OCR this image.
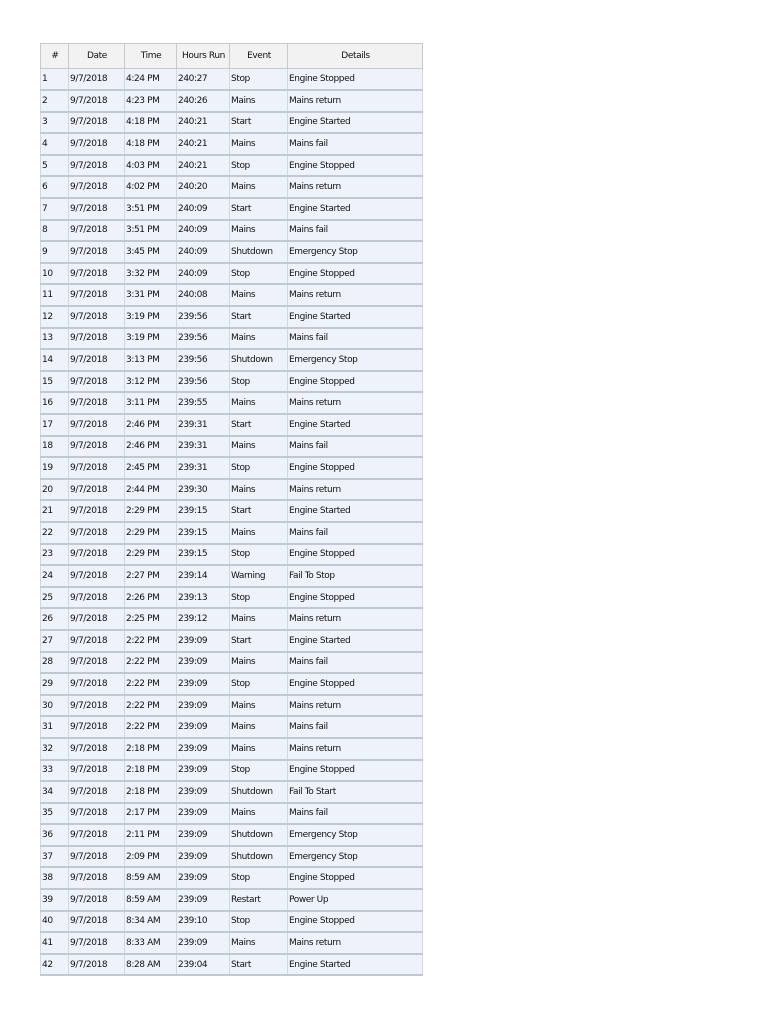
#	Date	Time	Hours Run	Event	Details
1	9/7/2018	4:24 PM	240:27	Stop	Engine Stopped
2	9/7/2018	4:23 PM	240:26	Mains	Mains return
3	9/7/2018	4:18 PM	240:21	Start	Engine Started
4	9/7/2018	4:18 PM	240:21	Mains	Mains fail
5	9/7/2018	4:03 PM	240:21	Stop	Engine Stopped
6	9/7/2018	4:02 PM	240:20	Mains	Mains return
7	9/7/2018	3:51 PM	240:09	Start	Engine Started
8	9/7/2018	3:51 PM	240:09	Mains	Mains fail
9	9/7/2018	3:45 PM	240:09	Shutdown	Emergency Stop
10	9/7/2018	3:32 PM	240:09	Stop	Engine Stopped
11	9/7/2018	3:31 PM	240:08	Mains	Mains return
12	9/7/2018	3:19 PM	239:56	Start	Engine Started
13	9/7/2018	3:19 PM	239:56	Mains	Mains fail
14	9/7/2018	3:13 PM	239:56	Shutdown	Emergency Stop
15	9/7/2018	3:12 PM	239:56	Stop	Engine Stopped
16	9/7/2018	3:11 PM	239:55	Mains	Mains return
17	9/7/2018	2:46 PM	239:31	Start	Engine Started
18	9/7/2018	2:46 PM	239:31	Mains	Mains fail
19	9/7/2018	2:45 PM	239:31	Stop	Engine Stopped
20	9/7/2018	2:44 PM	239:30	Mains	Mains return
21	9/7/2018	2:29 PM	239:15	Start	Engine Started
22	9/7/2018	2:29 PM	239:15	Mains	Mains fail
23	9/7/2018	2:29 PM	239:15	Stop	Engine Stopped
24	9/7/2018	2:27 PM	239:14	Warning	Fail To Stop
25	9/7/2018	2:26 PM	239:13	Stop	Engine Stopped
26	9/7/2018	2:25 PM	239:12	Mains	Mains return
27	9/7/2018	2:22 PM	239:09	Start	Engine Started
28	9/7/2018	2:22 PM	239:09	Mains	Mains fail
29	9/7/2018	2:22 PM	239:09	Stop	Engine Stopped
30	9/7/2018	2:22 PM	239:09	Mains	Mains return
31	9/7/2018	2:22 PM	239:09	Mains	Mains fail
32	9/7/2018	2:18 PM	239:09	Mains	Mains return
33	9/7/2018	2:18 PM	239:09	Stop	Engine Stopped
34	9/7/2018	2:18 PM	239:09	Shutdown	Fail To Start
35	9/7/2018	2:17 PM	239:09	Mains	Mains fail
36	9/7/2018	2:11 PM	239:09	Shutdown	Emergency Stop
37	9/7/2018	2:09 PM	239:09	Shutdown	Emergency Stop
38	9/7/2018	8:59 AM	239:09	Stop	Engine Stopped
39	9/7/2018	8:59 AM	239:09	Restart	Power Up
40	9/7/2018	8:34 AM	239:10	Stop	Engine Stopped
41	9/7/2018	8:33 AM	239:09	Mains	Mains return
42	9/7/2018	8:28 AM	239:04	Start	Engine Started
